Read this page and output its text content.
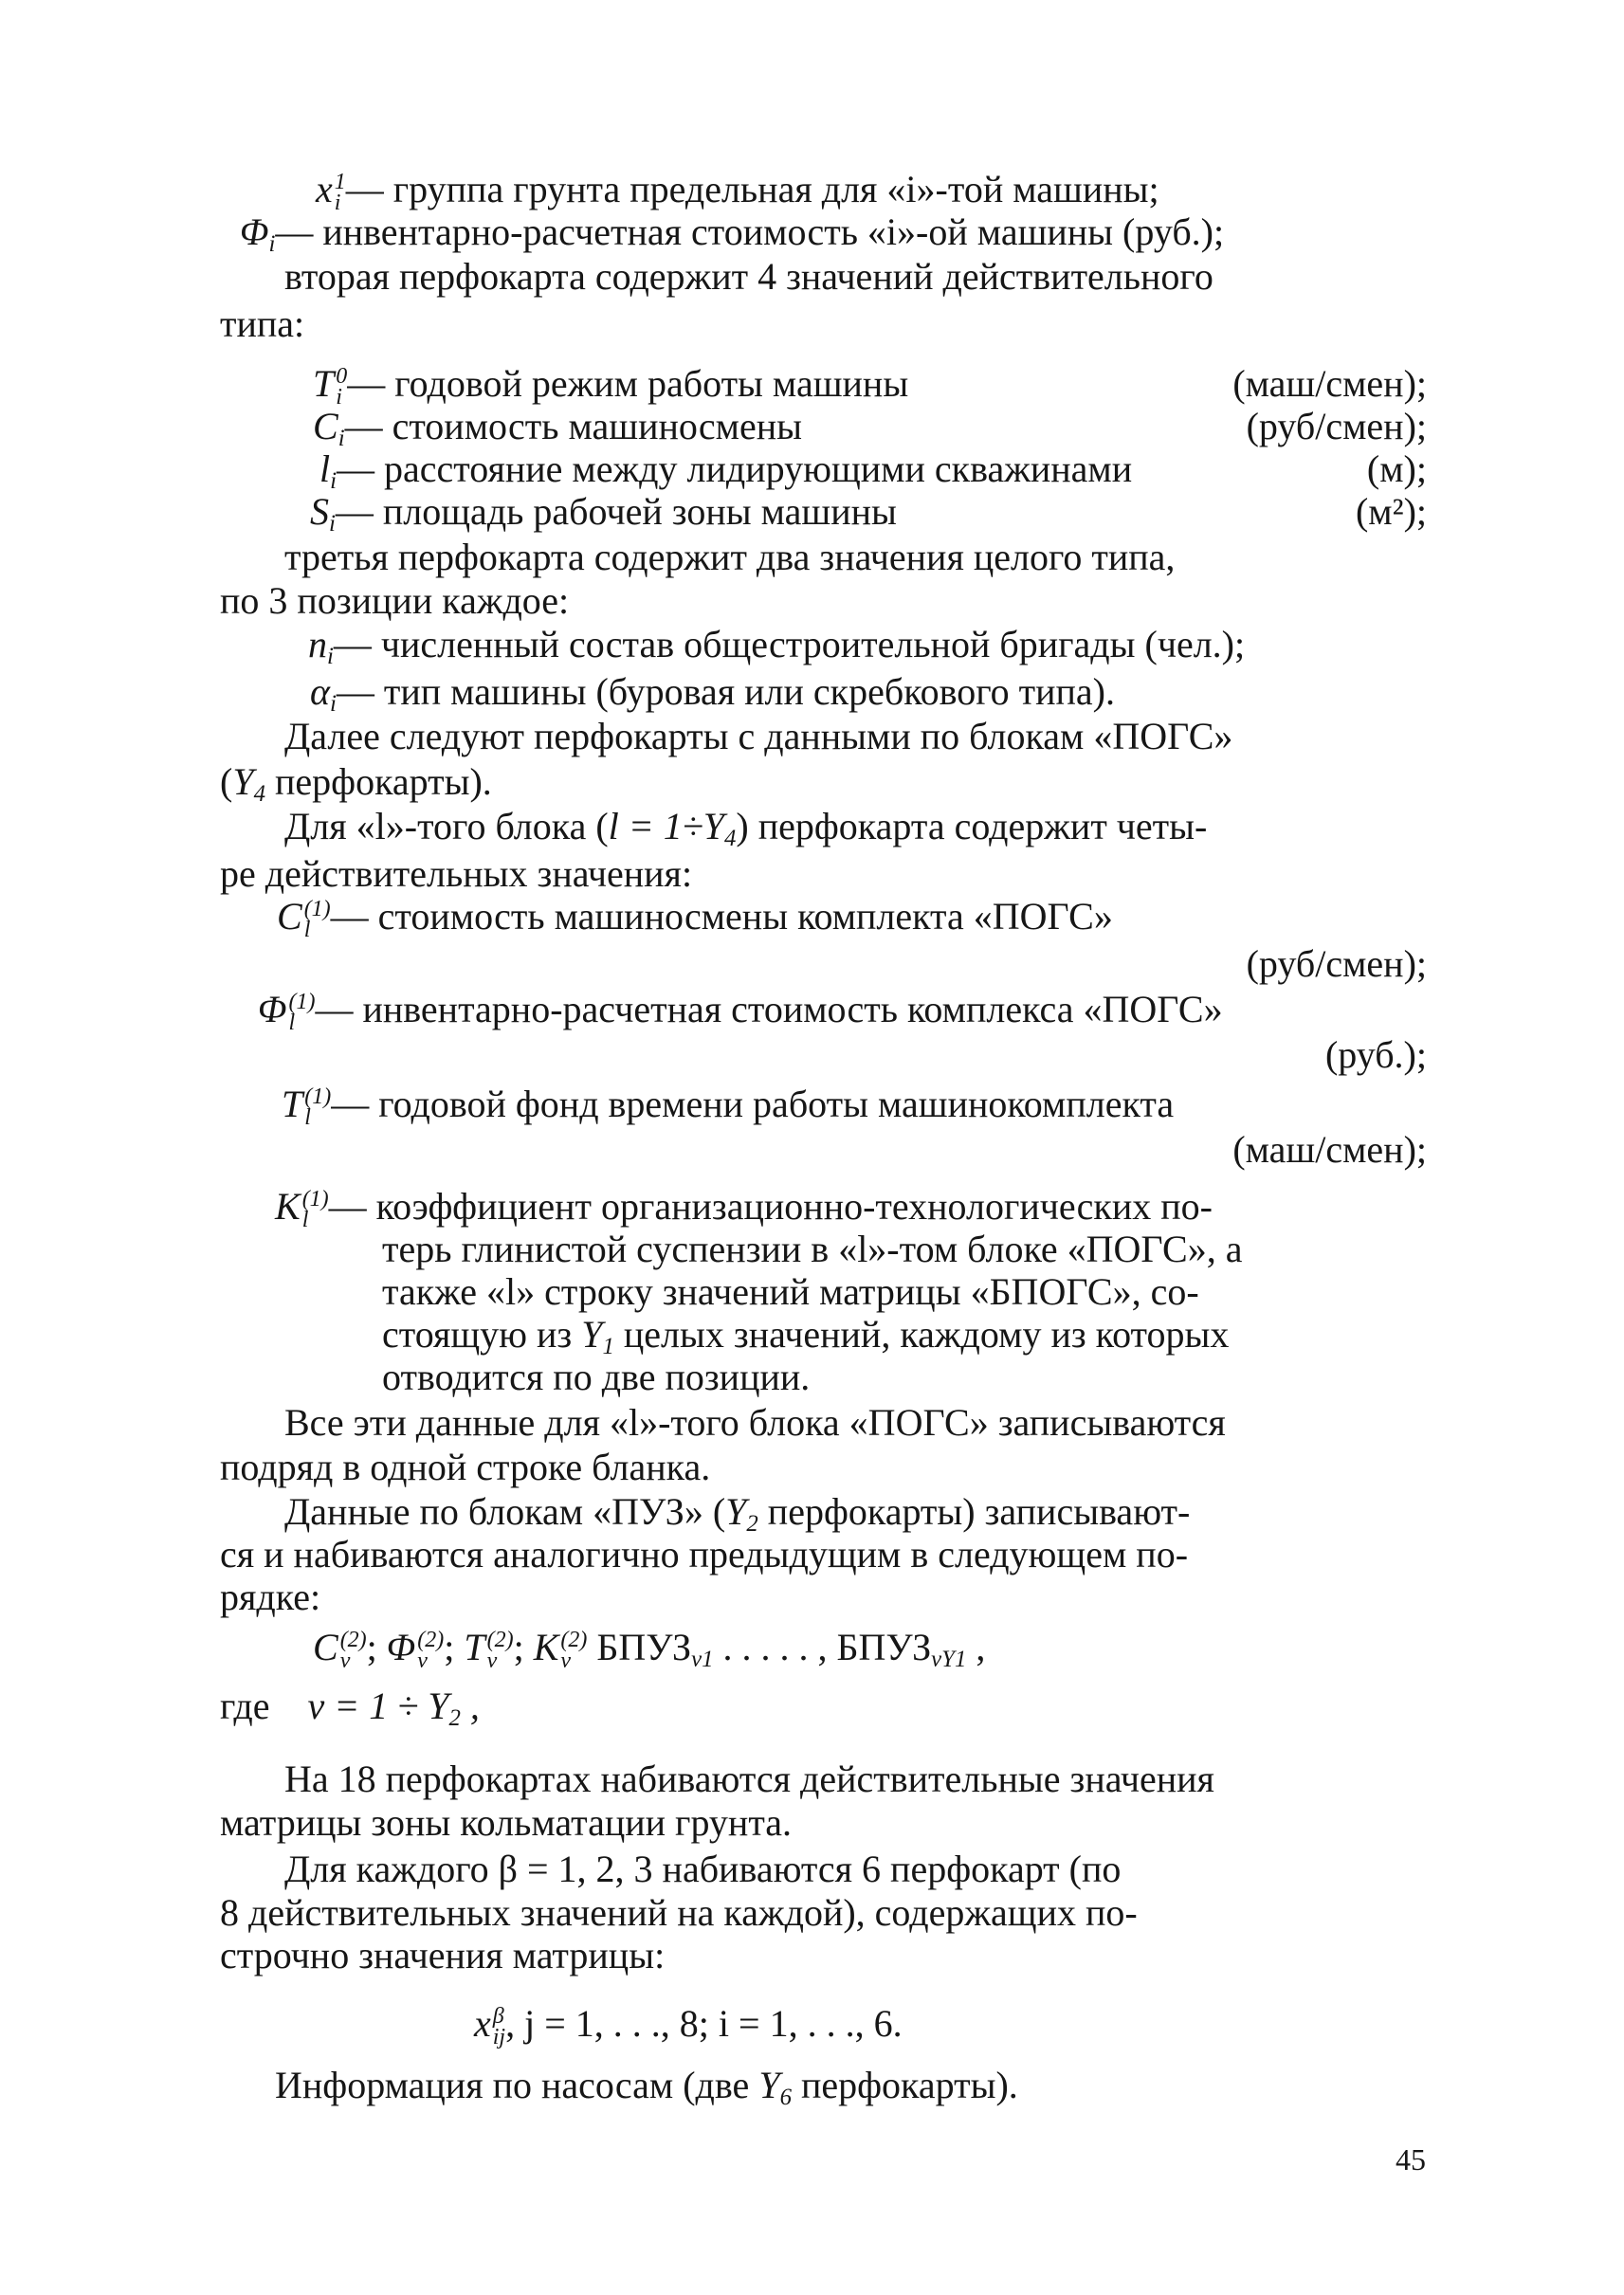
x 1
i — группа грунта предельная для «i»-той машины;
$\Phi_i—$ инвентарно-расчетная стоимость «i»-ой машины (руб.);
вторая перфокарта содержит 4 значений действительного
типа:
T 0
i — годовой режим работы машины	(маш/смен);
$C_i—$ стоимость машиносмены	(руб/смен);
$l_i—$ расстояние между лидирующими скважинами	(м);
$S_i—$ площадь рабочей зоны машины	(м²);
третья перфокарта содержит два значения целого типа,
по 3 позиции каждое:
$n_i—$ численный состав общестроительной бригады (чел.);
$\alpha_i—$ тип машины (буровая или скребкового типа).
Далее следуют перфокарты с данными по блокам «ПОГС»
($Y_4$ перфокарты).
Для «l»-того блока $(l = 1\div Y_4)$ перфокарта содержит четы-
ре действительных значения:
C (1)
l — стоимость машиносмены комплекта «ПОГС»
(руб/смен);
Φ (1)
l — инвентарно-расчетная стоимость комплекса «ПОГС»
(руб.);
T (1)
l — годовой фонд времени работы машинокомплекта
(маш/смен);
K (1)
l — коэффициент организационно-технологических по-
терь глинистой суспензии в «l»-том блоке «ПОГС», а
также «l» строку значений матрицы «БПОГС», со-
стоящую из $Y_1$ целых значений, каждому из которых
отводится по две позиции.
Все эти данные для «l»-того блока «ПОГС» записываются
подряд в одной строке бланка.
Данные по блокам «ПУЗ» ($Y_2$ перфокарты) записывают-
ся и набиваются аналогично предыдущим в следующем по-
рядке:
C (2)
ν ; Φ (2)
ν ; T (2)
ν ; K (2)
ν $БПУЗ_{\nu 1}$ . . . . . , $БПУЗ_{\nu Y1}$ ,
где $\nu = 1 \div Y_2$ ,
На 18 перфокартах набиваются действительные значения
матрицы зоны кольматации грунта.
Для каждого β = 1, 2, 3 набиваются 6 перфокарт (по
8 действительных значений на каждой), содержащих по-
строчно значения матрицы:
x β
ij , j = 1, . . ., 8; i = 1, . . ., 6.
Информация по насосам (две $Y_6$ перфокарты).
45
